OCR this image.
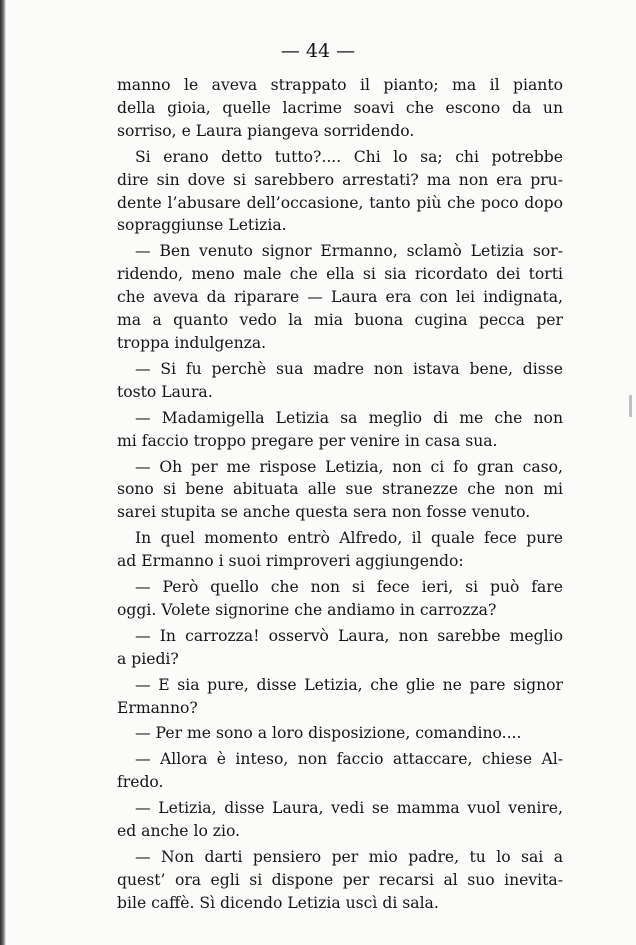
— 44 —
manno le aveva strappato il pianto; ma il pianto
della gioia, quelle lacrime soavi che escono da un
sorriso, e Laura piangeva sorridendo.
Si erano detto tutto?.... Chi lo sa; chi potrebbe
dire sin dove si sarebbero arrestati? ma non era pru-
dente l’abusare dell’occasione, tanto più che poco dopo
sopraggiunse Letizia.
— Ben venuto signor Ermanno, sclamò Letizia sor-
ridendo, meno male che ella si sia ricordato dei torti
che aveva da riparare — Laura era con lei indignata,
ma a quanto vedo la mia buona cugina pecca per
troppa indulgenza.
— Si fu perchè sua madre non istava bene, disse
tosto Laura.
— Madamigella Letizia sa meglio di me che non
mi faccio troppo pregare per venire in casa sua.
— Oh per me rispose Letizia, non ci fo gran caso,
sono si bene abituata alle sue stranezze che non mi
sarei stupita se anche questa sera non fosse venuto.
In quel momento entrò Alfredo, il quale fece pure
ad Ermanno i suoi rimproveri aggiungendo:
— Però quello che non si fece ieri, si può fare
oggi. Volete signorine che andiamo in carrozza?
— In carrozza! osservò Laura, non sarebbe meglio
a piedi?
— E sia pure, disse Letizia, che glie ne pare signor
Ermanno?
— Per me sono a loro disposizione, comandino....
— Allora è inteso, non faccio attaccare, chiese Al-
fredo.
— Letizia, disse Laura, vedi se mamma vuol venire,
ed anche lo zio.
— Non darti pensiero per mio padre, tu lo sai a
quest’ ora egli si dispone per recarsi al suo inevita-
bile caffè. Sì dicendo Letizia uscì di sala.
